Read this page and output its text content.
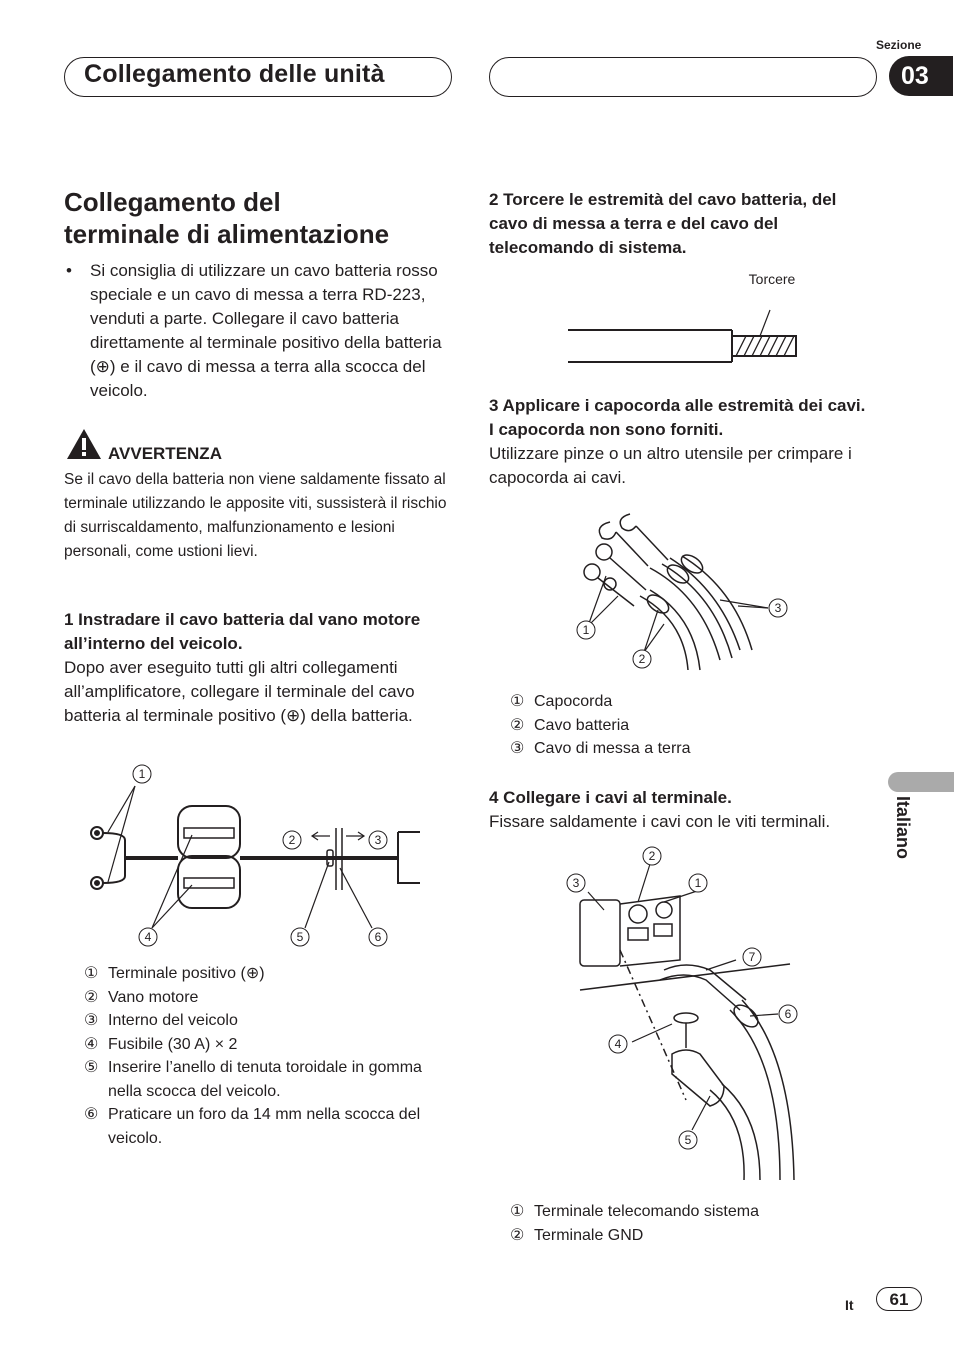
Collegamento delle unità
Sezione
03
Collegamento del
terminale di alimentazione
• Si consiglia di utilizzare un cavo batteria rosso speciale e un cavo di messa a terra RD-223, venduti a parte. Collegare il cavo batteria direttamente al terminale positivo della batteria (⊕) e il cavo di messa a terra alla scocca del veicolo.
AVVERTENZA
Se il cavo della batteria non viene saldamente fissato al terminale utilizzando le apposite viti, sussisterà il rischio di surriscaldamento, malfunzionamento e lesioni personali, come ustioni lievi.
1 Instradare il cavo batteria dal vano motore all’interno del veicolo.
Dopo aver eseguito tutti gli altri collegamenti all’amplificatore, collegare il terminale del cavo batteria al terminale positivo (⊕) della batteria.
1
2	3
4	5	6
① Terminale positivo (⊕)
② Vano motore
③ Interno del veicolo
④ Fusibile (30 A) × 2
⑤ Inserire l’anello di tenuta toroidale in gomma nella scocca del veicolo.
⑥ Praticare un foro da 14 mm nella scocca del veicolo.
2 Torcere le estremità del cavo batteria, del cavo di messa a terra e del cavo del telecomando di sistema.
Torcere
3 Applicare i capocorda alle estremità dei cavi. I capocorda non sono forniti.
Utilizzare pinze o un altro utensile per crimpare i capocorda ai cavi.
1
2
3
① Capocorda
② Cavo batteria
③ Cavo di messa a terra
4 Collegare i cavi al terminale.
Fissare saldamente i cavi con le viti terminali.
1
2
3
4
5
6
7
① Terminale telecomando sistema
② Terminale GND
Italiano
It	61
